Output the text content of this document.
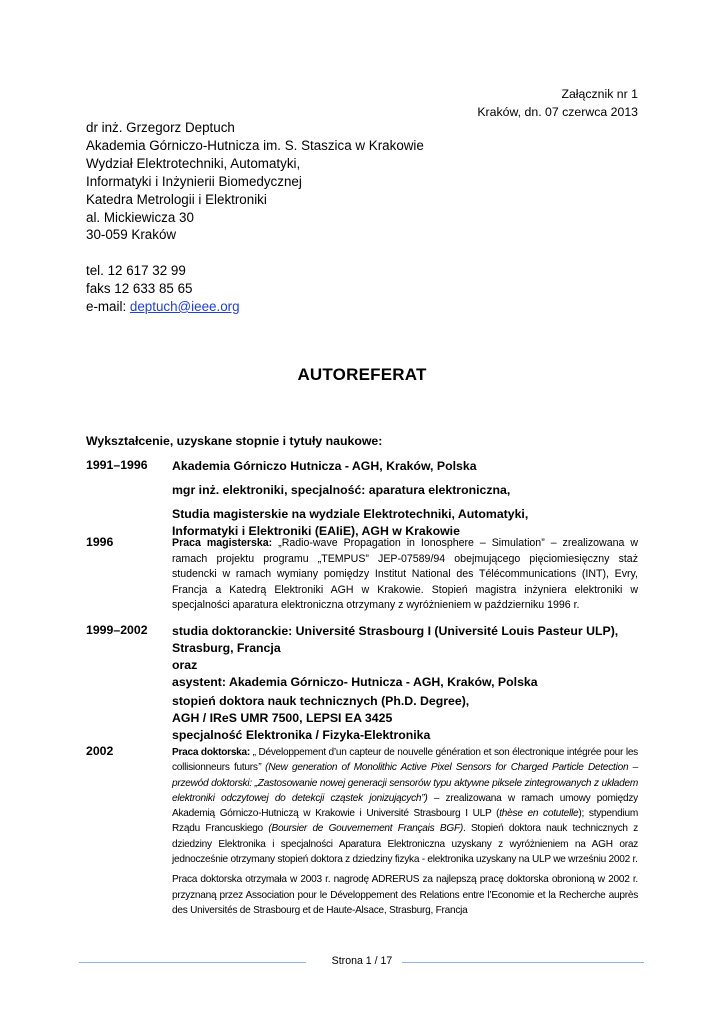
Załącznik nr 1
Kraków, dn. 07 czerwca 2013
dr inż. Grzegorz Deptuch
Akademia Górniczo-Hutnicza im. S. Staszica w Krakowie
Wydział Elektrotechniki, Automatyki,
Informatyki i Inżynierii Biomedycznej
Katedra Metrologii i Elektroniki
al. Mickiewicza 30
30-059 Kraków
tel. 12 617 32 99
faks 12 633 85 65
e-mail: deptuch@ieee.org
AUTOREFERAT
Wykształcenie, uzyskane stopnie i tytuły naukowe:
1991–1996 Akademia Górniczo Hutnicza - AGH, Kraków, Polska
mgr inż. elektroniki, specjalność: aparatura elektroniczna,
Studia magisterskie na wydziale Elektrotechniki, Automatyki,
Informatyki i Elektroniki (EAIiE), AGH w Krakowie
1996	Praca magisterska: „Radio-wave Propagation in Ionosphere – Simulation” – zrealizowana w ramach projektu programu „TEMPUS” JEP-07589/94 obejmującego pięciomiesięczny staż studencki w ramach wymiany pomiędzy Institut National des Télécommunications (INT), Evry, Francja a Katedrą Elektroniki AGH w Krakowie. Stopień magistra inżyniera elektroniki w specjalności aparatura elektroniczna otrzymany z wyróżnieniem w październiku 1996 r.
1999–2002 studia doktoranckie: Université Strasbourg I (Université Louis Pasteur ULP),
Strasburg, Francja
oraz
asystent: Akademia Górniczo- Hutnicza - AGH, Kraków, Polska
stopień doktora nauk technicznych (Ph.D. Degree),
AGH / IReS UMR 7500, LEPSI EA 3425
specjalność Elektronika / Fizyka-Elektronika
2002	Praca doktorska: „ Développement d’un capteur de nouvelle génération et son électronique intégrée pour les collisionneurs futurs” (New generation of Monolithic Active Pixel Sensors for Charged Particle Detection – przewód doktorski: „Zastosowanie nowej generacji sensorów typu aktywne piksele zintegrowanych z układem elektroniki odczytowej do detekcji cząstek jonizujących”) – zrealizowana w ramach umowy pomiędzy Akademią Górniczo-Hutniczą w Krakowie i Université Strasbourg I ULP (thèse en cotutelle); stypendium Rządu Francuskiego (Boursier de Gouvernement Français BGF). Stopień doktora nauk technicznych z dziedziny Elektronika i specjalności Aparatura Elektroniczna uzyskany z wyróżnieniem na AGH oraz jednocześnie otrzymany stopień doktora z dziedziny fizyka - elektronika uzyskany na ULP we wrześniu 2002 r.
Praca doktorska otrzymała w 2003 r. nagrodę ADRERUS za najlepszą pracę doktorska obronioną w 2002 r. przyznaną przez Association pour le Développement des Relations entre l’Economie et la Recherche auprès des Universités de Strasbourg et de Haute-Alsace, Strasburg, Francja
Strona 1 / 17
